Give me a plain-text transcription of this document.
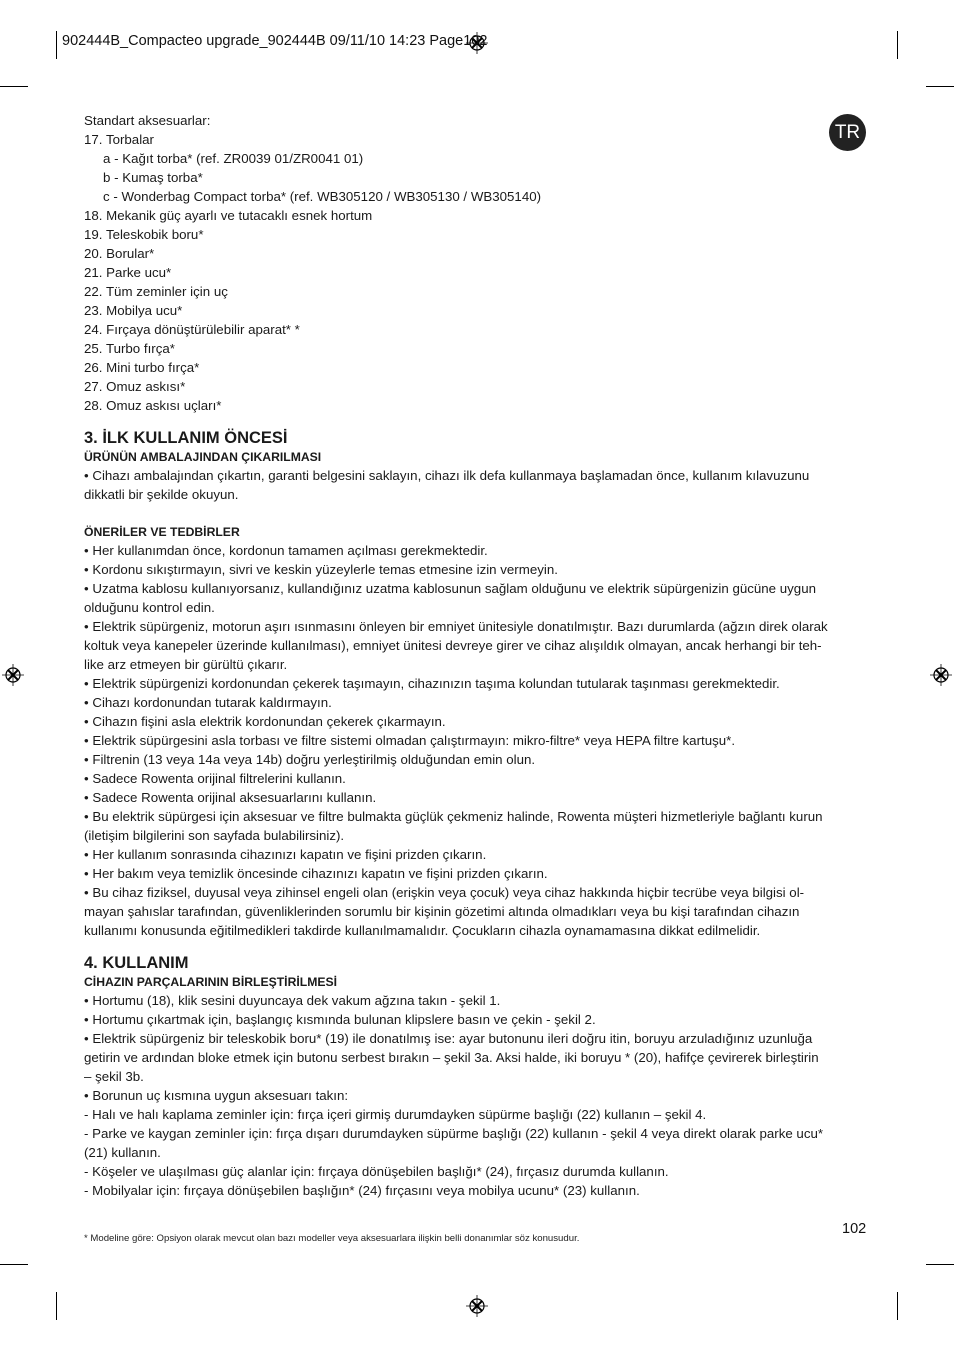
902444B_Compacteo upgrade_902444B 09/11/10 14:23 Page102
TR
Standart aksesuarlar:
17. Torbalar
a - Kağıt torba* (ref. ZR0039 01/ZR0041 01)
b - Kumaş torba*
c - Wonderbag Compact torba* (ref. WB305120 / WB305130 / WB305140)
18. Mekanik güç ayarlı ve tutacaklı esnek hortum
19. Teleskobik boru*
20. Borular*
21. Parke ucu*
22. Tüm zeminler için uç
23. Mobilya ucu*
24. Fırçaya dönüştürülebilir aparat* *
25. Turbo fırça*
26. Mini turbo fırça*
27. Omuz askısı*
28. Omuz askısı uçları*
3. İLK KULLANIM ÖNCESİ
ÜRÜNÜN AMBALAJINDAN ÇIKARILMASI
• Cihazı ambalajından çıkartın, garanti belgesini saklayın, cihazı ilk defa kullanmaya başlamadan önce, kullanım kılavuzunu
dikkatli bir şekilde okuyun.
ÖNERİLER VE TEDBİRLER
• Her kullanımdan önce, kordonun tamamen açılması gerekmektedir.
• Kordonu sıkıştırmayın, sivri ve keskin yüzeylerle temas etmesine izin vermeyin.
• Uzatma kablosu kullanıyorsanız, kullandığınız uzatma kablosunun sağlam olduğunu ve elektrik süpürgenizin gücüne uygun
olduğunu kontrol edin.
• Elektrik süpürgeniz, motorun aşırı ısınmasını önleyen bir emniyet ünitesiyle donatılmıştır. Bazı durumlarda (ağzın direk olarak
koltuk veya kanepeler üzerinde kullanılması), emniyet ünitesi devreye girer ve cihaz alışıldık olmayan, ancak herhangi bir teh-
like arz etmeyen bir gürültü çıkarır.
• Elektrik süpürgenizi kordonundan çekerek taşımayın, cihazınızın taşıma kolundan tutularak taşınması gerekmektedir.
• Cihazı kordonundan tutarak kaldırmayın.
• Cihazın fişini asla elektrik kordonundan çekerek çıkarmayın.
• Elektrik süpürgesini asla torbası ve filtre sistemi olmadan çalıştırmayın: mikro-filtre* veya HEPA filtre kartuşu*.
• Filtrenin (13 veya 14a veya 14b) doğru yerleştirilmiş olduğundan emin olun.
• Sadece Rowenta orijinal filtrelerini kullanın.
• Sadece Rowenta orijinal aksesuarlarını kullanın.
• Bu elektrik süpürgesi için aksesuar ve filtre bulmakta güçlük çekmeniz halinde, Rowenta müşteri hizmetleriyle bağlantı kurun
(iletişim bilgilerini son sayfada bulabilirsiniz).
• Her kullanım sonrasında cihazınızı kapatın ve fişini prizden çıkarın.
• Her bakım veya temizlik öncesinde cihazınızı kapatın ve fişini prizden çıkarın.
• Bu cihaz fiziksel, duyusal veya zihinsel engeli olan (erişkin veya çocuk) veya cihaz hakkında hiçbir tecrübe veya bilgisi ol-
mayan şahıslar tarafından, güvenliklerinden sorumlu bir kişinin gözetimi altında olmadıkları veya bu kişi tarafından cihazın
kullanımı konusunda eğitilmedikleri takdirde kullanılmamalıdır. Çocukların cihazla oynamamasına dikkat edilmelidir.
4. KULLANIM
CİHAZIN PARÇALARININ BİRLEŞTİRİLMESİ
• Hortumu (18), klik sesini duyuncaya dek vakum ağzına takın - şekil 1.
• Hortumu çıkartmak için, başlangıç kısmında bulunan klipslere basın ve çekin - şekil 2.
• Elektrik süpürgeniz bir teleskobik boru* (19) ile donatılmış ise: ayar butonunu ileri doğru itin, boruyu arzuladığınız uzunluğa
getirin ve ardından bloke etmek için butonu serbest bırakın – şekil 3a. Aksi halde, iki boruyu * (20), hafifçe çevirerek birleştirin
– şekil 3b.
• Borunun uç kısmına uygun aksesuarı takın:
- Halı ve halı kaplama zeminler için: fırça içeri girmiş durumdayken süpürme başlığı (22) kullanın – şekil 4.
- Parke ve kaygan zeminler için: fırça dışarı durumdayken süpürme başlığı (22) kullanın - şekil 4 veya direkt olarak parke ucu*
(21) kullanın.
- Köşeler ve ulaşılması güç alanlar için: fırçaya dönüşebilen başlığı* (24), fırçasız durumda kullanın.
- Mobilyalar için: fırçaya dönüşebilen başlığın* (24) fırçasını veya mobilya ucunu* (23) kullanın.
102
* Modeline göre: Opsiyon olarak mevcut olan bazı modeller veya aksesuarlara ilişkin belli donanımlar söz konusudur.
